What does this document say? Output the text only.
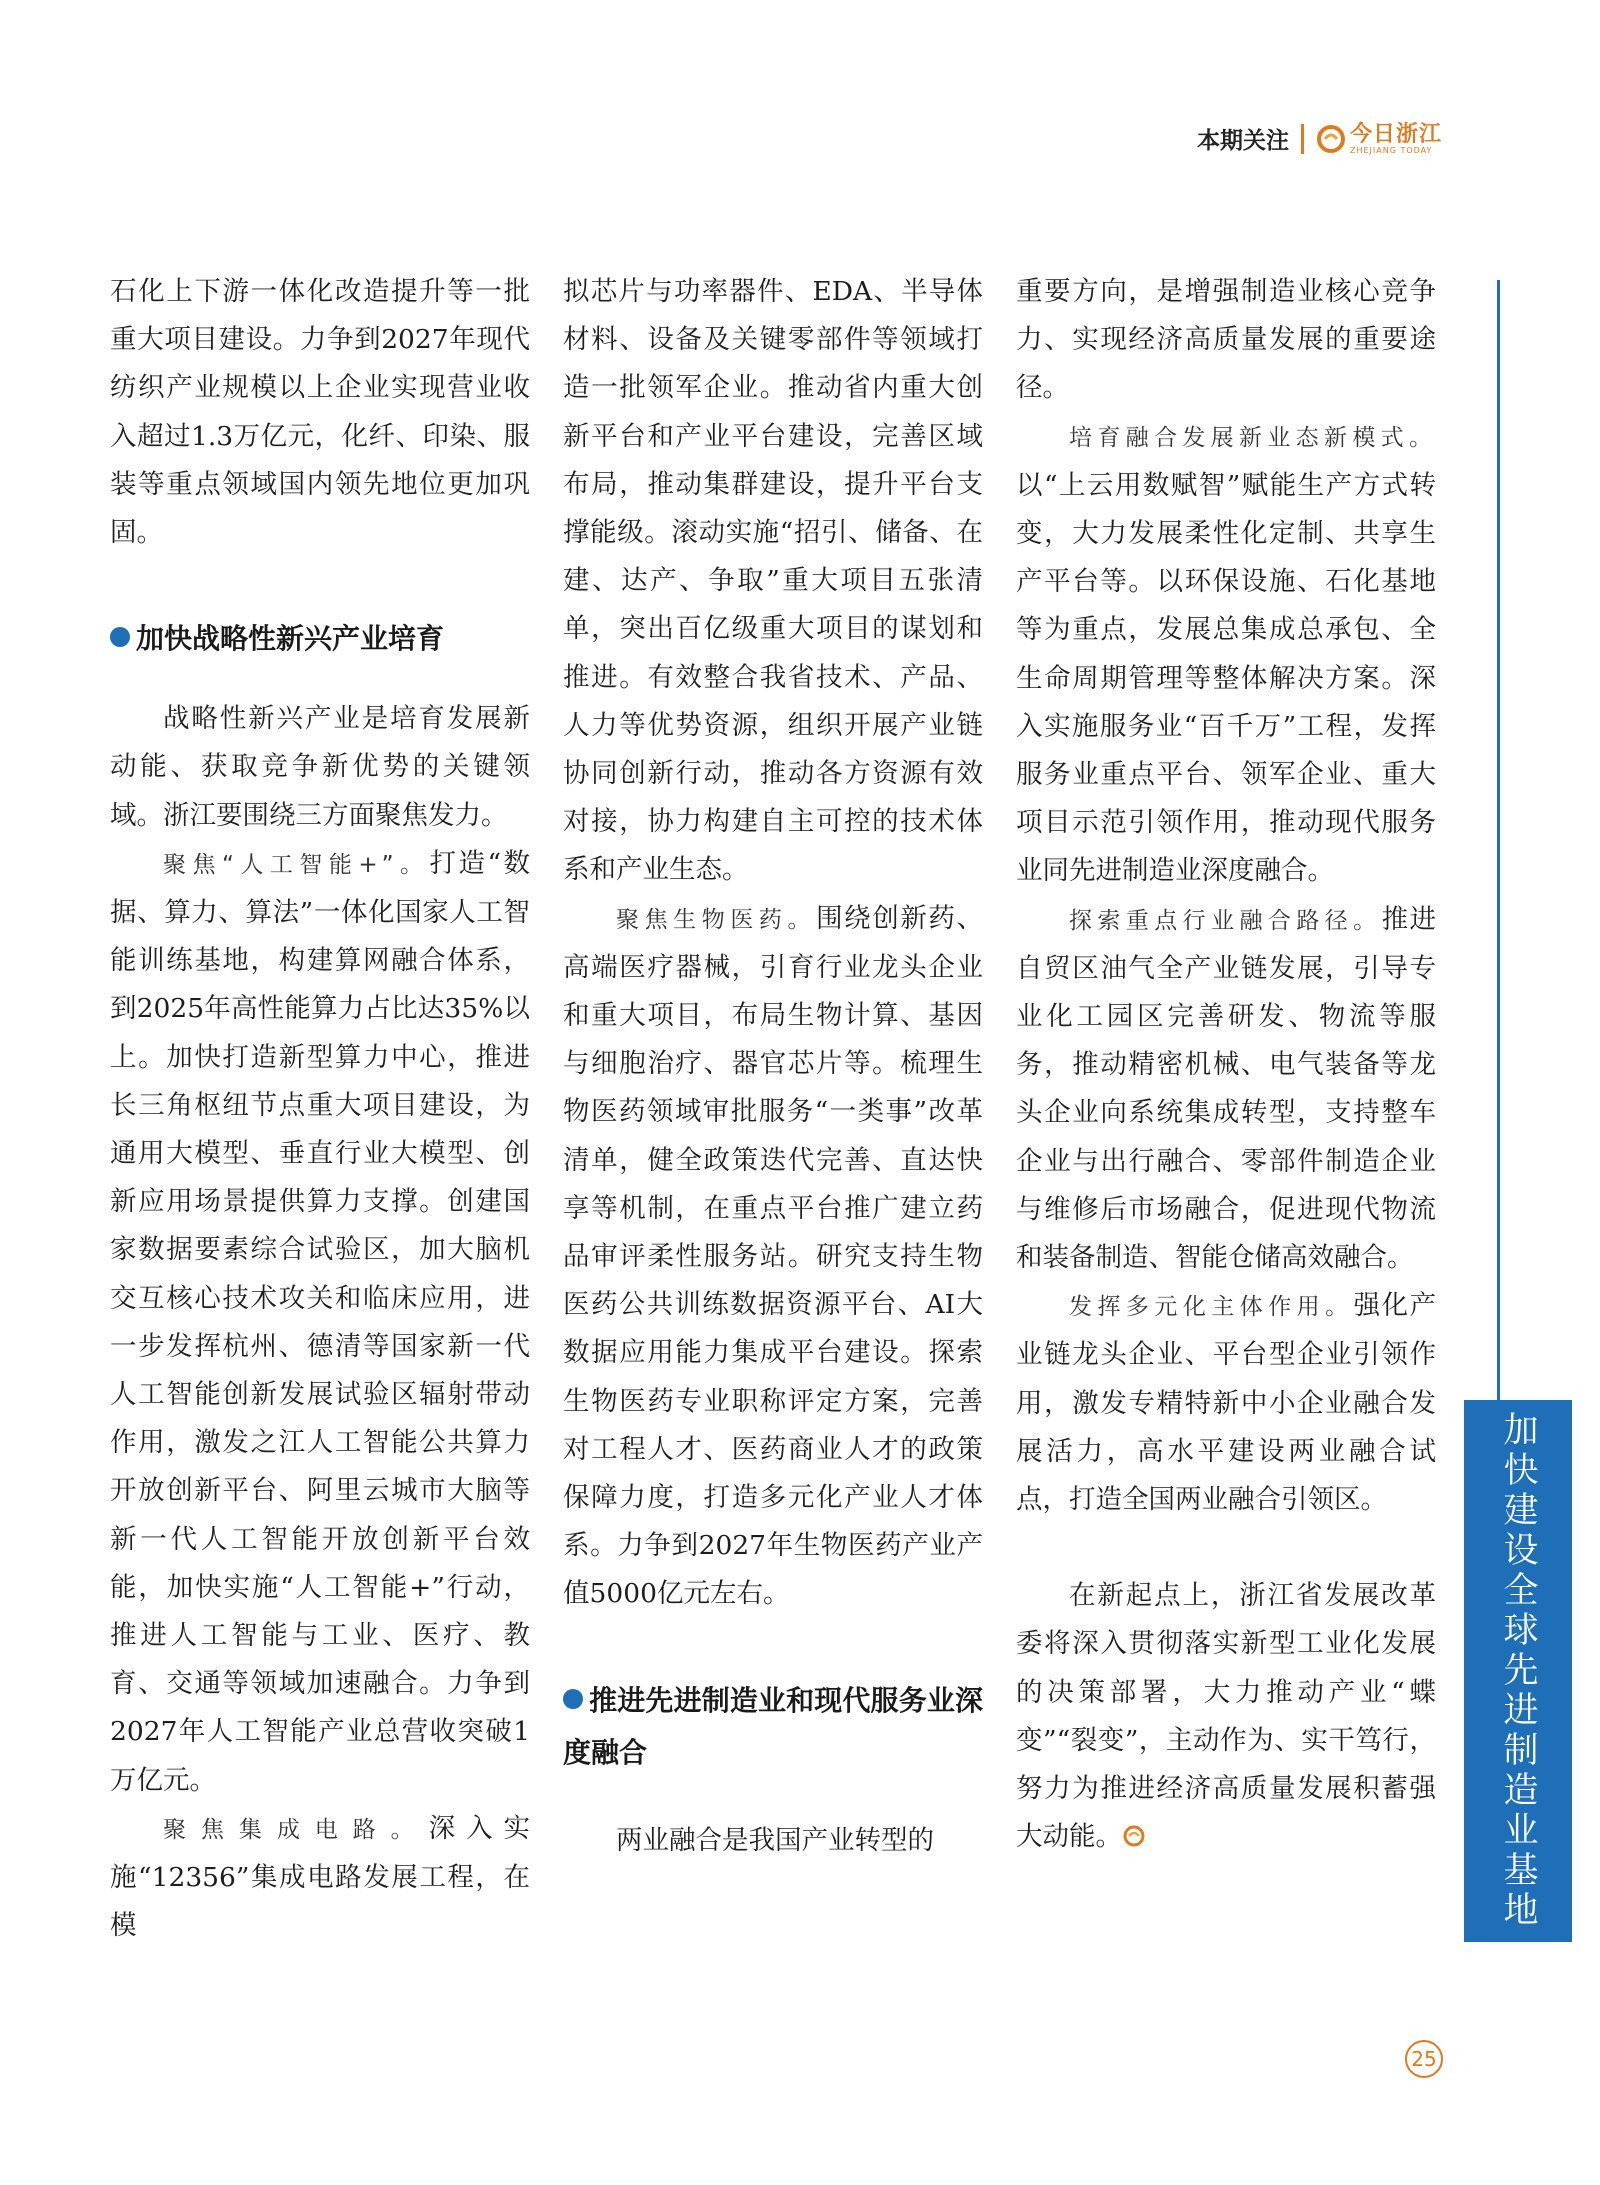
本期关注	今日浙江
ZHEJIANG TODAY

石化上下游一体化改造提升等一批重大项目建设。力争到2027年现代纺织产业规模以上企业实现营业收入超过1.3万亿元，化纤、印染、服装等重点领域国内领先地位更加巩固。

加快战略性新兴产业培育

战略性新兴产业是培育发展新动能、获取竞争新优势的关键领域。浙江要围绕三方面聚焦发力。

聚焦“人工智能+”。打造“数据、算力、算法”一体化国家人工智能训练基地，构建算网融合体系，到2025年高性能算力占比达35%以上。加快打造新型算力中心，推进长三角枢纽节点重大项目建设，为通用大模型、垂直行业大模型、创新应用场景提供算力支撑。创建国家数据要素综合试验区，加大脑机交互核心技术攻关和临床应用，进一步发挥杭州、德清等国家新一代人工智能创新发展试验区辐射带动作用，激发之江人工智能公共算力开放创新平台、阿里云城市大脑等新一代人工智能开放创新平台效能，加快实施“人工智能+”行动，推进人工智能与工业、医疗、教育、交通等领域加速融合。力争到2027年人工智能产业总营收突破1万亿元。

聚焦集成电路。深入实施“12356”集成电路发展工程，在模

拟芯片与功率器件、EDA、半导体材料、设备及关键零部件等领域打造一批领军企业。推动省内重大创新平台和产业平台建设，完善区域布局，推动集群建设，提升平台支撑能级。滚动实施“招引、储备、在建、达产、争取”重大项目五张清单，突出百亿级重大项目的谋划和推进。有效整合我省技术、产品、人力等优势资源，组织开展产业链协同创新行动，推动各方资源有效对接，协力构建自主可控的技术体系和产业生态。

聚焦生物医药。围绕创新药、高端医疗器械，引育行业龙头企业和重大项目，布局生物计算、基因与细胞治疗、器官芯片等。梳理生物医药领域审批服务“一类事”改革清单，健全政策迭代完善、直达快享等机制，在重点平台推广建立药品审评柔性服务站。研究支持生物医药公共训练数据资源平台、AI大数据应用能力集成平台建设。探索生物医药专业职称评定方案，完善对工程人才、医药商业人才的政策保障力度，打造多元化产业人才体系。力争到2027年生物医药产业产值5000亿元左右。

推进先进制造业和现代服务业深度融合

两业融合是我国产业转型的

重要方向，是增强制造业核心竞争力、实现经济高质量发展的重要途径。

培育融合发展新业态新模式。以“上云用数赋智”赋能生产方式转变，大力发展柔性化定制、共享生产平台等。以环保设施、石化基地等为重点，发展总集成总承包、全生命周期管理等整体解决方案。深入实施服务业“百千万”工程，发挥服务业重点平台、领军企业、重大项目示范引领作用，推动现代服务业同先进制造业深度融合。

探索重点行业融合路径。推进自贸区油气全产业链发展，引导专业化工园区完善研发、物流等服务，推动精密机械、电气装备等龙头企业向系统集成转型，支持整车企业与出行融合、零部件制造企业与维修后市场融合，促进现代物流和装备制造、智能仓储高效融合。

发挥多元化主体作用。强化产业链龙头企业、平台型企业引领作用，激发专精特新中小企业融合发展活力，高水平建设两业融合试点，打造全国两业融合引领区。

在新起点上，浙江省发展改革委将深入贯彻落实新型工业化发展的决策部署，大力推动产业“蝶变”“裂变”，主动作为、实干笃行，努力为推进经济高质量发展积蓄强大动能。	加快建设全球先进制造业基地
25
